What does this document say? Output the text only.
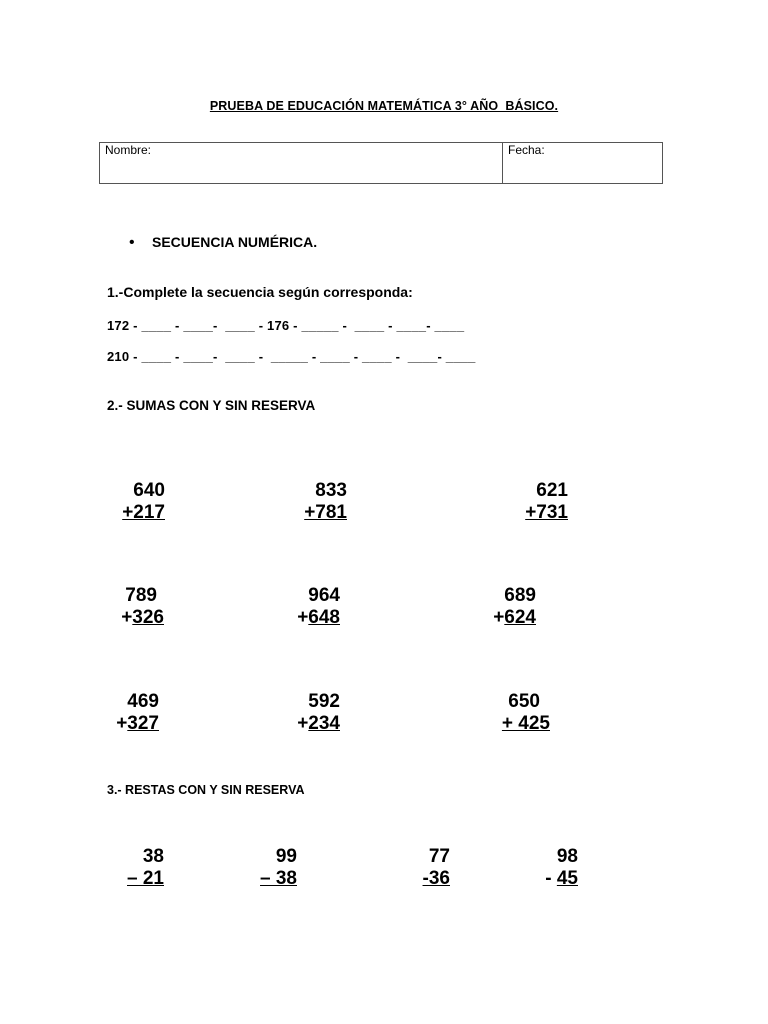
PRUEBA DE EDUCACIÓN MATEMÁTICA 3° AÑO  BÁSICO.
Nombre:	Fecha:
• SECUENCIA NUMÉRICA.
1.-Complete la secuencia según corresponda:
172 - ____ - ____-  ____ - 176 - _____ -  ____ - ____- ____
210 - ____ - ____-  ____ -  _____ - ____ - ____ -  ____- ____
2.- SUMAS CON Y SIN RESERVA
640
+217
833
+781
621
+731
789
+326
964
+648
689
+624
469
+327
592
+234
650
+ 425
3.- RESTAS CON Y SIN RESERVA
38
– 21
99
– 38
77
-36
98
- 45
